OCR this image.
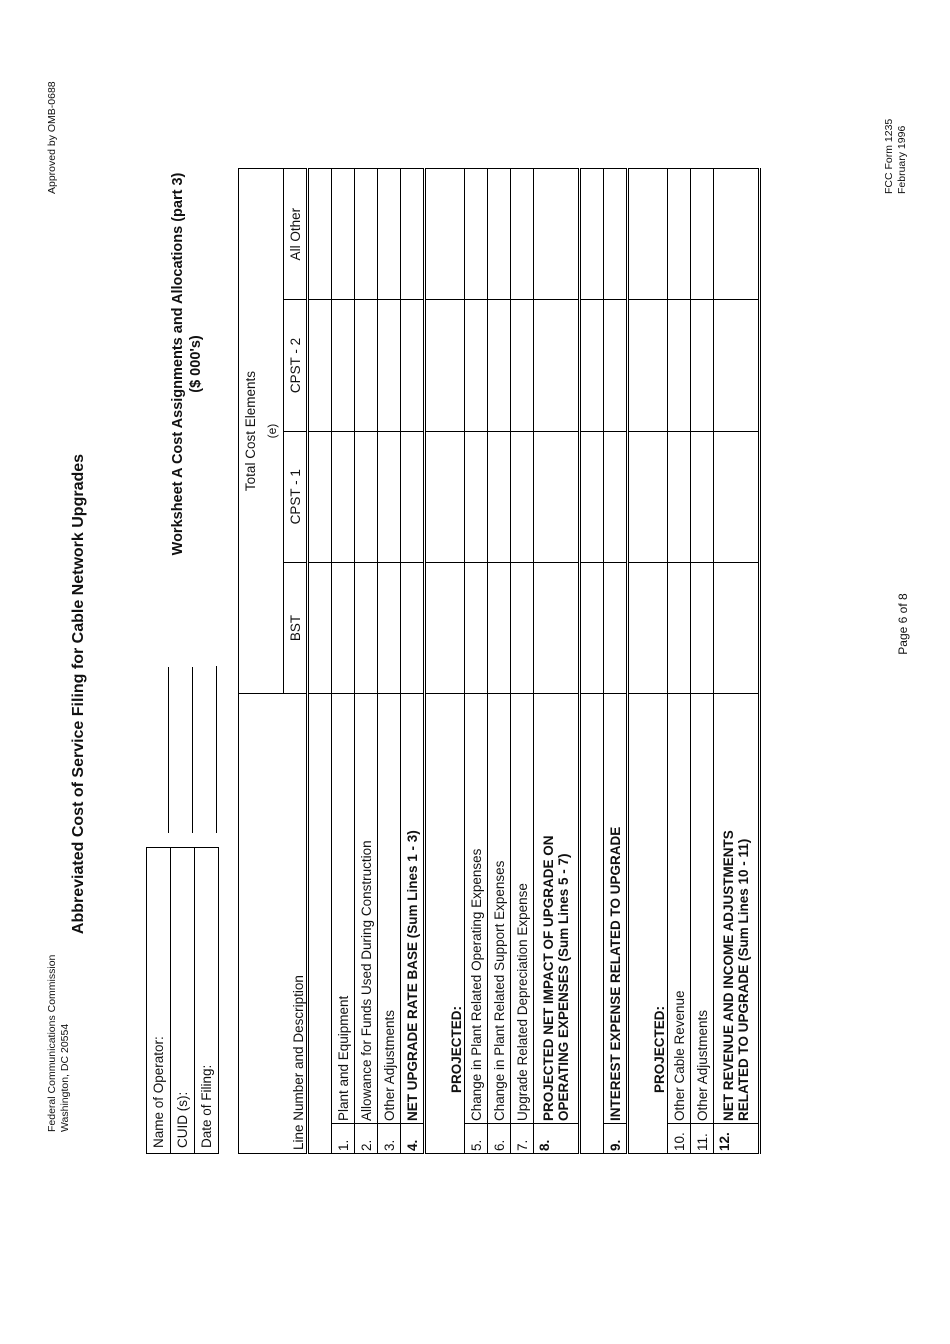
Federal Communications Commission Washington, DC 20554
Approved by OMB-0688
Abbreviated Cost of Service Filing for Cable Network Upgrades
Worksheet A Cost Assignments and Allocations (part 3) ($ 000's)
Name of Operator:	

CUID (s):	

Date of Filing:	
		Total Cost Elements			
		(e)			
Line Number and Description		BST	CPST - 1	CPST - 2	All Other

1.	Plant and Equipment				
2.	Allowance for Funds Used During Construction				
3.	Other Adjustments				
4.	NET UPGRADE RATE BASE (Sum Lines 1 - 3)				
PROJECTED:					
5.	Change in Plant Related Operating Expenses				
6.	Change in Plant Related Support Expenses				
7.	Upgrade Related Depreciation Expense				
8.	PROJECTED NET IMPACT OF UPGRADE ON OPERATING EXPENSES (Sum Lines 5 - 7)				

9.	INTEREST EXPENSE RELATED TO UPGRADE				
PROJECTED:					
10.	Other Cable Revenue				
11.	Other Adjustments				
12.	NET REVENUE AND INCOME ADJUSTMENTS RELATED TO UPGRADE (Sum Lines 10 - 11)				

Page 6 of 8
FCC Form 1235 February 1996
